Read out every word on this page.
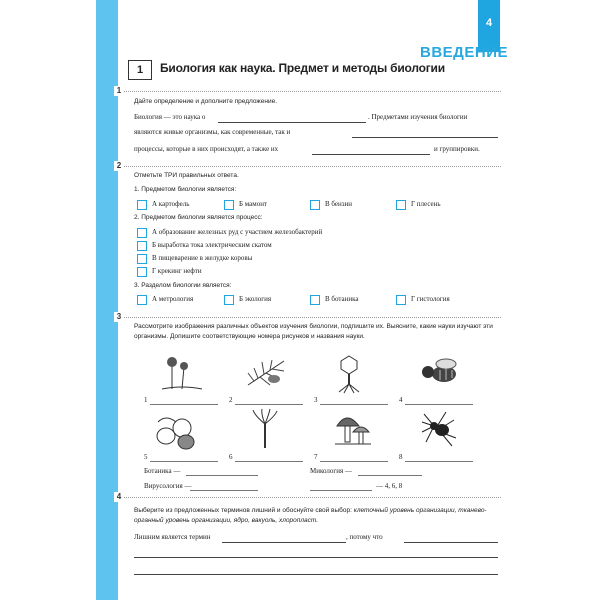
4
ВВЕДЕНИЕ
1	Биология как наука. Предмет и методы биологии
1
2
3
4
Дайте определение и дополните предложение.
Биология — это наука о	. Предметами изучения биологии
являются живые организмы, как современные, так и
процессы, которые в них происходят, а также их	и группировки.
Отметьте ТРИ правильных ответа.
1. Предметом биологии является:
А картофель	Б мамонт	В бензин	Г плесень
2. Предметом биологии является процесс:
А образование железных руд с участием железобактерий
Б выработка тока электрическим скатом
В пищеварение в желудке коровы
Г крекинг нефти
3. Разделом биологии является:
А метрология	Б экология	В ботаника	Г гистология
Рассмотрите изображения различных объектов изучения биологии, подпишите их. Выясните, какие науки изучают эти организмы. Допишите соответствующие номера рисунков и названия науки.
1	2	3	4
5	6	7	8
Ботаника —	Микология —
Вирусология —	— 4, 6, 8
Выберите из предложенных терминов лишний и обоснуйте свой выбор: клеточный уровень организации, тканево-органный уровень организации, ядро, вакуоль, хлоропласт.
Лишним является термин	, потому что
